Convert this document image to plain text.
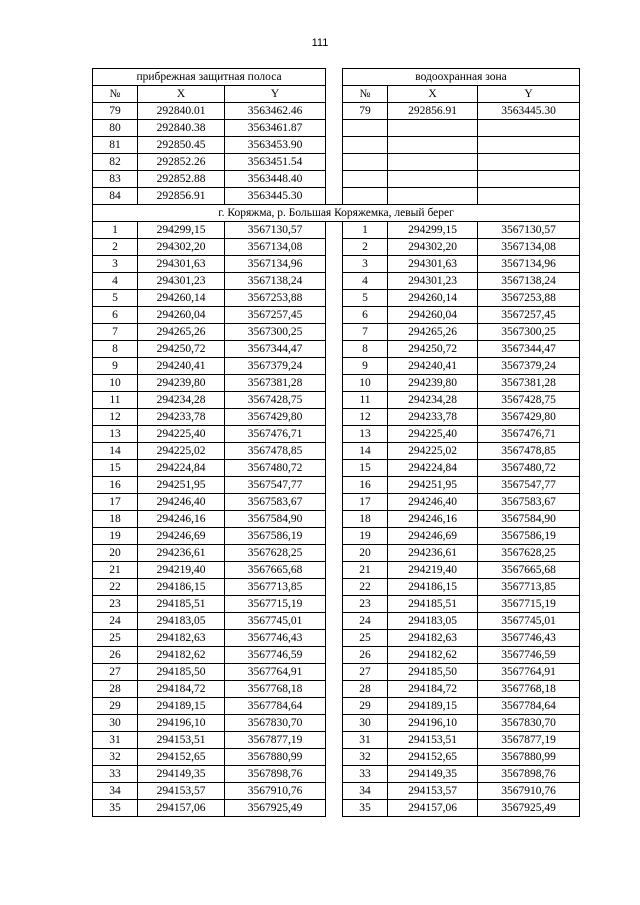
111
прибрежная защитная полоса				водоохранная зона		
№	X	Y		№	X	Y
79	292840.01	3563462.46		79	292856.91	3563445.30
80	292840.38	3563461.87				
81	292850.45	3563453.90				
82	292852.26	3563451.54				
83	292852.88	3563448.40				
84	292856.91	3563445.30				
г. Коряжма, р. Большая Коряжемка, левый берег						
1	294299,15	3567130,57		1	294299,15	3567130,57
2	294302,20	3567134,08		2	294302,20	3567134,08
3	294301,63	3567134,96		3	294301,63	3567134,96
4	294301,23	3567138,24		4	294301,23	3567138,24
5	294260,14	3567253,88		5	294260,14	3567253,88
6	294260,04	3567257,45		6	294260,04	3567257,45
7	294265,26	3567300,25		7	294265,26	3567300,25
8	294250,72	3567344,47		8	294250,72	3567344,47
9	294240,41	3567379,24		9	294240,41	3567379,24
10	294239,80	3567381,28		10	294239,80	3567381,28
11	294234,28	3567428,75		11	294234,28	3567428,75
12	294233,78	3567429,80		12	294233,78	3567429,80
13	294225,40	3567476,71		13	294225,40	3567476,71
14	294225,02	3567478,85		14	294225,02	3567478,85
15	294224,84	3567480,72		15	294224,84	3567480,72
16	294251,95	3567547,77		16	294251,95	3567547,77
17	294246,40	3567583,67		17	294246,40	3567583,67
18	294246,16	3567584,90		18	294246,16	3567584,90
19	294246,69	3567586,19		19	294246,69	3567586,19
20	294236,61	3567628,25		20	294236,61	3567628,25
21	294219,40	3567665,68		21	294219,40	3567665,68
22	294186,15	3567713,85		22	294186,15	3567713,85
23	294185,51	3567715,19		23	294185,51	3567715,19
24	294183,05	3567745,01		24	294183,05	3567745,01
25	294182,63	3567746,43		25	294182,63	3567746,43
26	294182,62	3567746,59		26	294182,62	3567746,59
27	294185,50	3567764,91		27	294185,50	3567764,91
28	294184,72	3567768,18		28	294184,72	3567768,18
29	294189,15	3567784,64		29	294189,15	3567784,64
30	294196,10	3567830,70		30	294196,10	3567830,70
31	294153,51	3567877,19		31	294153,51	3567877,19
32	294152,65	3567880,99		32	294152,65	3567880,99
33	294149,35	3567898,76		33	294149,35	3567898,76
34	294153,57	3567910,76		34	294153,57	3567910,76
35	294157,06	3567925,49		35	294157,06	3567925,49
